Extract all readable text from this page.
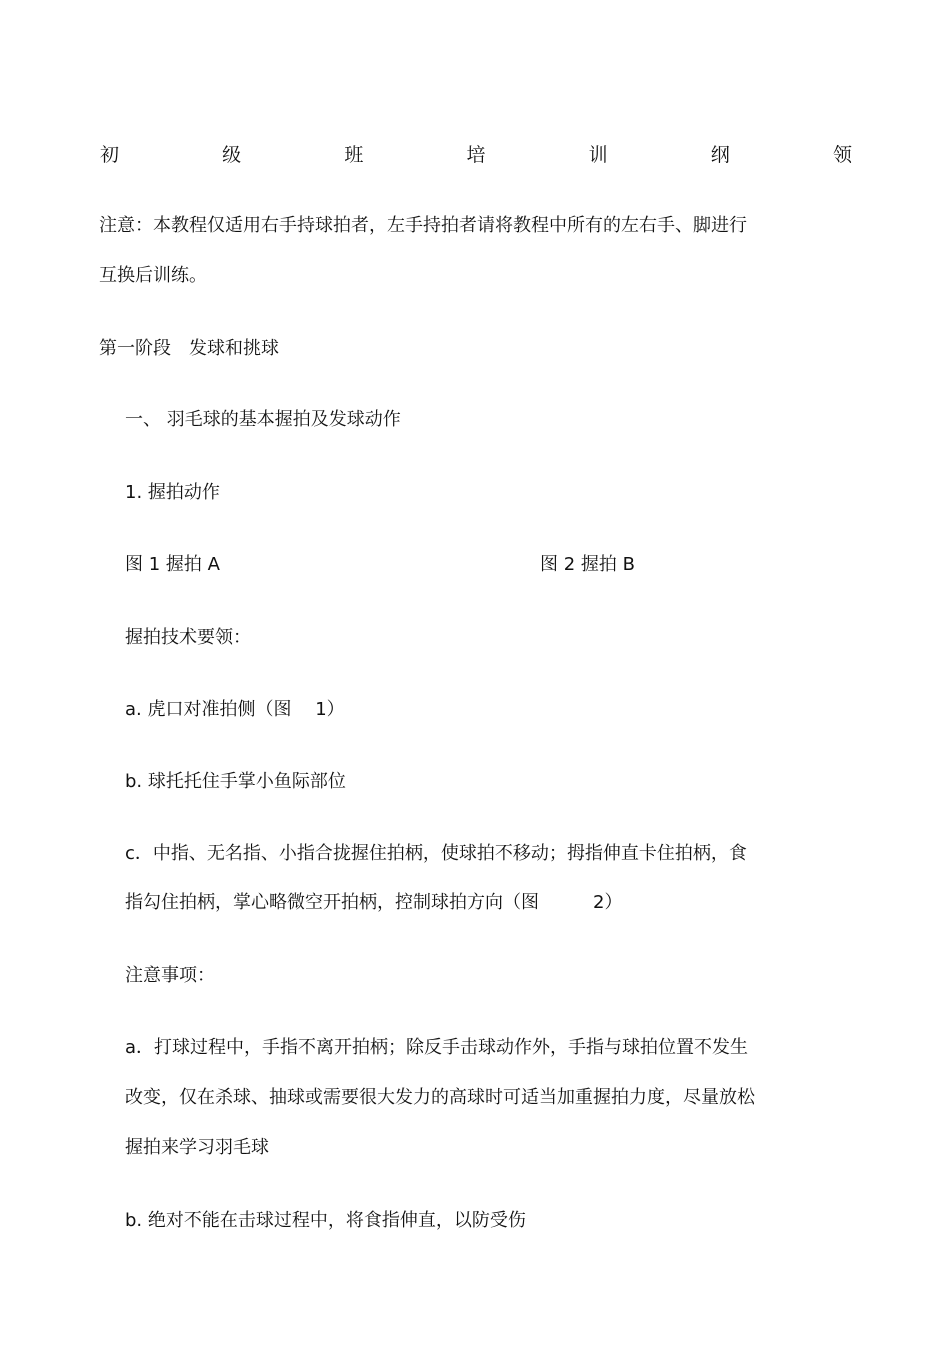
初	级	班	培	训	纲	领
注意：本教程仅适用右手持球拍者，左手持拍者请将教程中所有的左右手、脚进行
互换后训练。
第一阶段　发球和挑球
一、 羽毛球的基本握拍及发球动作
1. 握拍动作
图 1 握拍 A	图 2 握拍 B
握拍技术要领：
a. 虎口对准拍侧（图　 1）
b. 球托托住手掌小鱼际部位
c．中指、无名指、小指合拢握住拍柄，使球拍不移动；拇指伸直卡住拍柄，食
指勾住拍柄，掌心略微空开拍柄，控制球拍方向（图　　　2）
注意事项：
a．打球过程中，手指不离开拍柄；除反手击球动作外，手指与球拍位置不发生
改变，仅在杀球、抽球或需要很大发力的高球时可适当加重握拍力度，尽量放松
握拍来学习羽毛球
b. 绝对不能在击球过程中，将食指伸直，以防受伤
